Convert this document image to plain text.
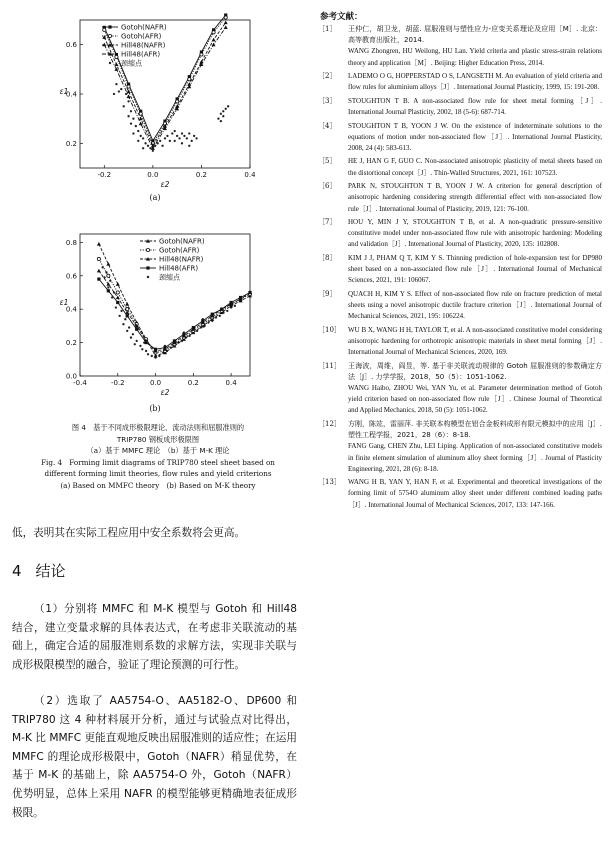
-0.2	0.0	0.2	0.4
0.2
0.4
0.6
ε2
ε1
Gotoh(NAFR)
Gotoh(AFR)
Hill48(NAFR)
Hill48(AFR)
颈缩点
(a)
-0.4	-0.2	0.0	0.2	0.4
0.0
0.2
0.4
0.6
0.8
ε2
ε1
Gotoh(NAFR)
Gotoh(AFR)
Hill48(NAFR)
Hill48(AFR)
颈缩点
(b)
图 4　基于不同成形极限理论、流动法则和屈服准则的
TRIP780 钢板成形极限图
（a）基于 MMFC 理论　（b）基于 M-K 理论
Fig. 4　Forming limit diagrams of TRIP780 steel sheet based on
different forming limit theories, flow rules and yield criterions
(a) Based on MMFC theory　(b) Based on M-K theory
低，表明其在实际工程应用中安全系数将会更高。
4 结论

（1）分别将 MMFC 和 M-K 模型与 Gotoh 和 Hill48 结合，建立变量求解的具体表达式，在考虑非关联流动的基础上，确定合适的屈服准则系数的求解方法，实现非关联与成形极限模型的融合，验证了理论预测的可行性。

（2）选取了 AA5754-O、AA5182-O、DP600 和 TRIP780 这 4 种材料展开分析，通过与试验点对比得出，M-K 比 MMFC 更能直观地反映出屈服准则的适应性；在运用 MMFC 的理论成形极限中，Gotoh（NAFR）稍显优势，在基于 M-K 的基础上，除 AA5754-O 外，Gotoh（NAFR）优势明显，总体上采用 NAFR 的模型能够更精确地表征成形极限。

参考文献：
［1］	王仲仁，胡卫龙，胡蓝. 屈服准则与塑性应力-应变关系理论及应用［M］. 北京：高等教育出版社，2014.
WANG Zhongren, HU Weilong, HU Lan. Yield criteria and plastic stress-strain relations theory and application［M］. Beijing: Higher Education Press, 2014.
［2］	LADEMO O G, HOPPERSTAD O S, LANGSETH M. An evaluation of yield criteria and flow rules for aluminium alloys［J］. International Journal Plasticity, 1999, 15: 191-208.
［3］	STOUGHTON T B. A non-associated flow rule for sheet metal forming［J］. International Journal Plasticity, 2002, 18 (5-6): 687-714.
［4］	STOUGHTON T B, YOON J W. On the existence of indeterminate solutions to the equations of motion under non-associated flow［J］. International Journal Plasticity, 2008, 24 (4): 583-613.
［5］	HE J, HAN G F, GUO C. Non-associated anisotropic plasticity of metal sheets based on the distortional concept［J］. Thin-Walled Structures, 2021, 161: 107523.
［6］	PARK N, STOUGHTON T B, YOON J W. A criterion for general description of anisotropic hardening considering strength differential effect with non-associated flow rule［J］. International Journal of Plasticity, 2019, 121: 76-100.
［7］	HOU Y, MIN J Y, STOUGHTON T B, et al. A non-quadratic pressure-sensitive constitutive model under non-associated flow rule with anisotropic hardening: Modeling and validation［J］. International Journal of Plasticity, 2020, 135: 102808.
［8］	KIM J J, PHAM Q T, KIM Y S. Thinning prediction of hole-expansion test for DP980 sheet based on a non-associated flow rule［J］. International Journal of Mechanical Sciences, 2021, 191: 106067.
［9］	QUACH H, KIM Y S. Effect of non-associated flow rule on fracture prediction of metal sheets using a novel anisotropic ductile fracture criterion［J］. International Journal of Mechanical Sciences, 2021, 195: 106224.
［10］	WU B X, WANG H H, TAYLOR T, et al. A non-associated constitutive model considering anisotropic hardening for orthotropic anisotropic materials in sheet metal forming［J］. International Journal of Mechanical Sciences, 2020, 169.
［11］	王海波，周维，阎昱，等. 基于非关联流动规律的 Gotoh 屈服准则的参数确定方法［J］. 力学学报，2018，50（5）：1051-1062.
WANG Haibo, ZHOU Wei, YAN Yu, et al. Parameter determination method of Gotoh yield criterion based on non-associated flow rule［J］. Chinese Journal of Theoretical and Applied Mechanics, 2018, 50 (5): 1051-1062.
［12］	方刚，陈竑，雷丽萍. 非关联本构模型在铝合金板料成形有限元模拟中的应用［J］. 塑性工程学报，2021，28（6）：8-18.
FANG Gang, CHEN Zhu, LEI Liping. Application of non-associated constitutive models in finite element simulation of aluminum alloy sheet forming［J］. Journal of Plasticity Engineering, 2021, 28 (6): 8-18.
［13］	WANG H B, YAN Y, HAN F, et al. Experimental and theoretical investigations of the forming limit of 5754O aluminum alloy sheet under different combined loading paths［J］. International Journal of Mechanical Sciences, 2017, 133: 147-166.
